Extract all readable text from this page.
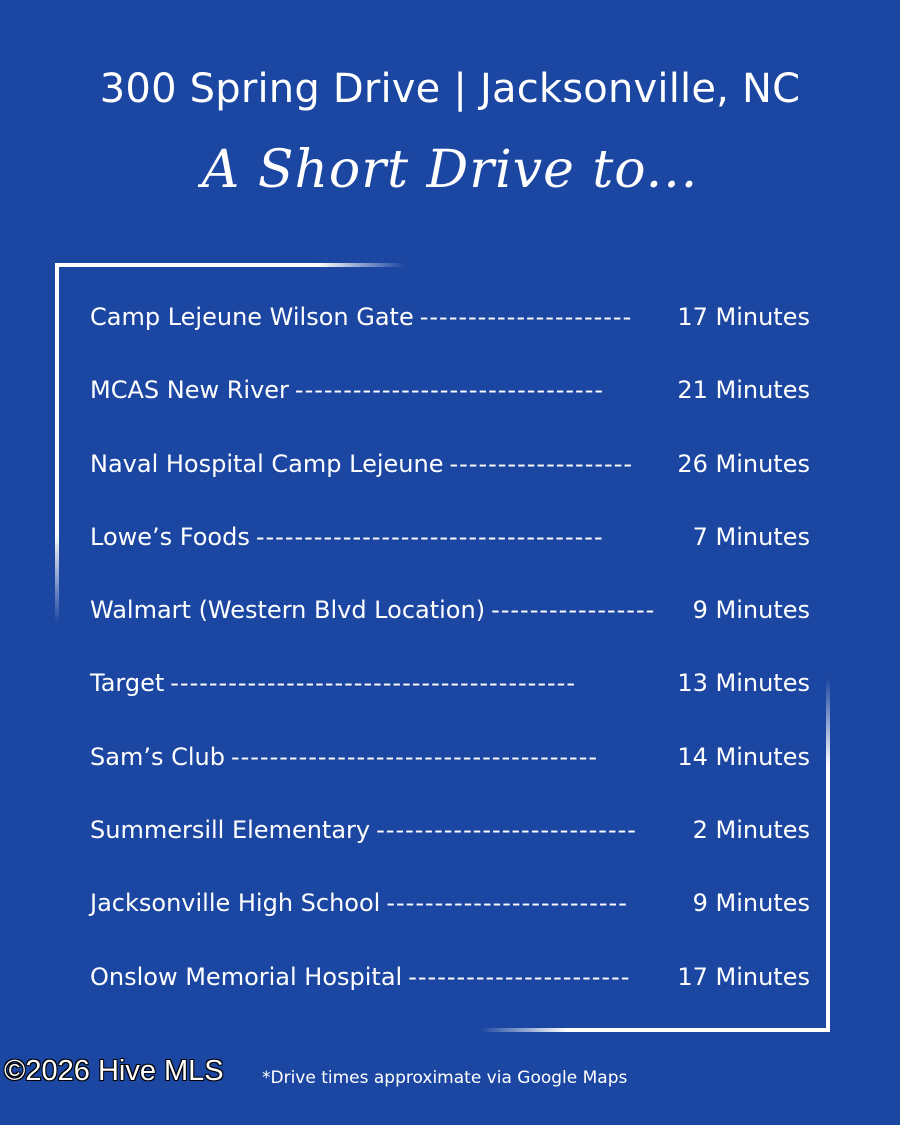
300 Spring Drive | Jacksonville, NC
A Short Drive to...
Camp Lejeune Wilson Gate ----------------------	17 Minutes
MCAS New River --------------------------------	21 Minutes
Naval Hospital Camp Lejeune -------------------	26 Minutes
Lowe’s Foods ------------------------------------	7 Minutes
Walmart (Western Blvd Location) -----------------	9 Minutes
Target ------------------------------------------	13 Minutes
Sam’s Club --------------------------------------	14 Minutes
Summersill Elementary ---------------------------	2 Minutes
Jacksonville High School -------------------------	9 Minutes
Onslow Memorial Hospital -----------------------	17 Minutes
©2026 Hive MLS *Drive times approximate via Google Maps
